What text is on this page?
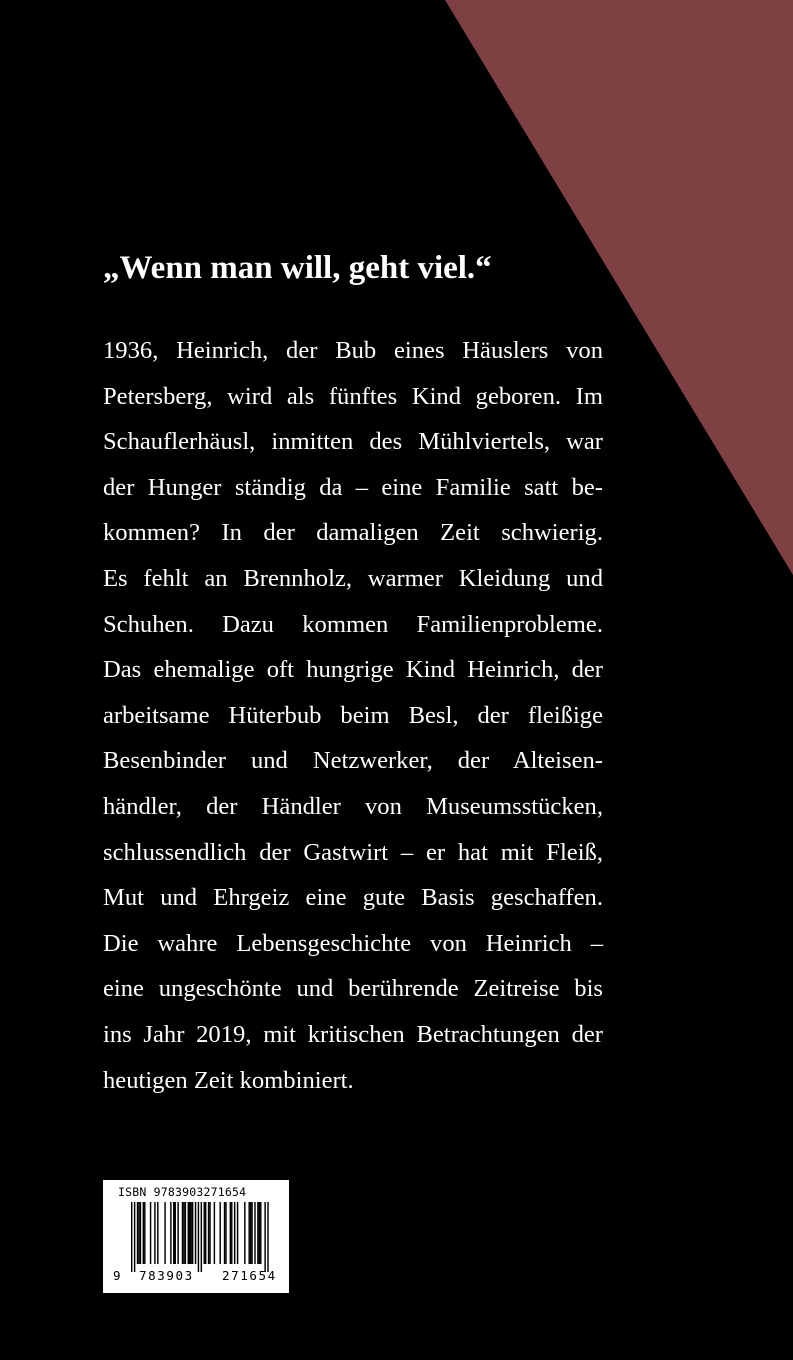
„Wenn man will, geht viel.“
1936, Heinrich, der Bub eines Häuslers von
Petersberg, wird als fünftes Kind geboren. Im
Schauflerhäusl, inmitten des Mühlviertels, war
der Hunger ständig da – eine Familie satt be-
kommen? In der damaligen Zeit schwierig.
Es fehlt an Brennholz, warmer Kleidung und
Schuhen. Dazu kommen Familienprobleme.
Das ehemalige oft hungrige Kind Heinrich, der
arbeitsame Hüterbub beim Besl, der fleißige
Besenbinder und Netzwerker, der Alteisen-
händler, der Händler von Museumsstücken,
schlussendlich der Gastwirt – er hat mit Fleiß,
Mut und Ehrgeiz eine gute Basis geschaffen.
Die wahre Lebensgeschichte von Heinrich –
eine ungeschönte und berührende Zeitreise bis
ins Jahr 2019, mit kritischen Betrachtungen der
heutigen Zeit kombiniert.
ISBN 9783903271654
9 783903 271654
